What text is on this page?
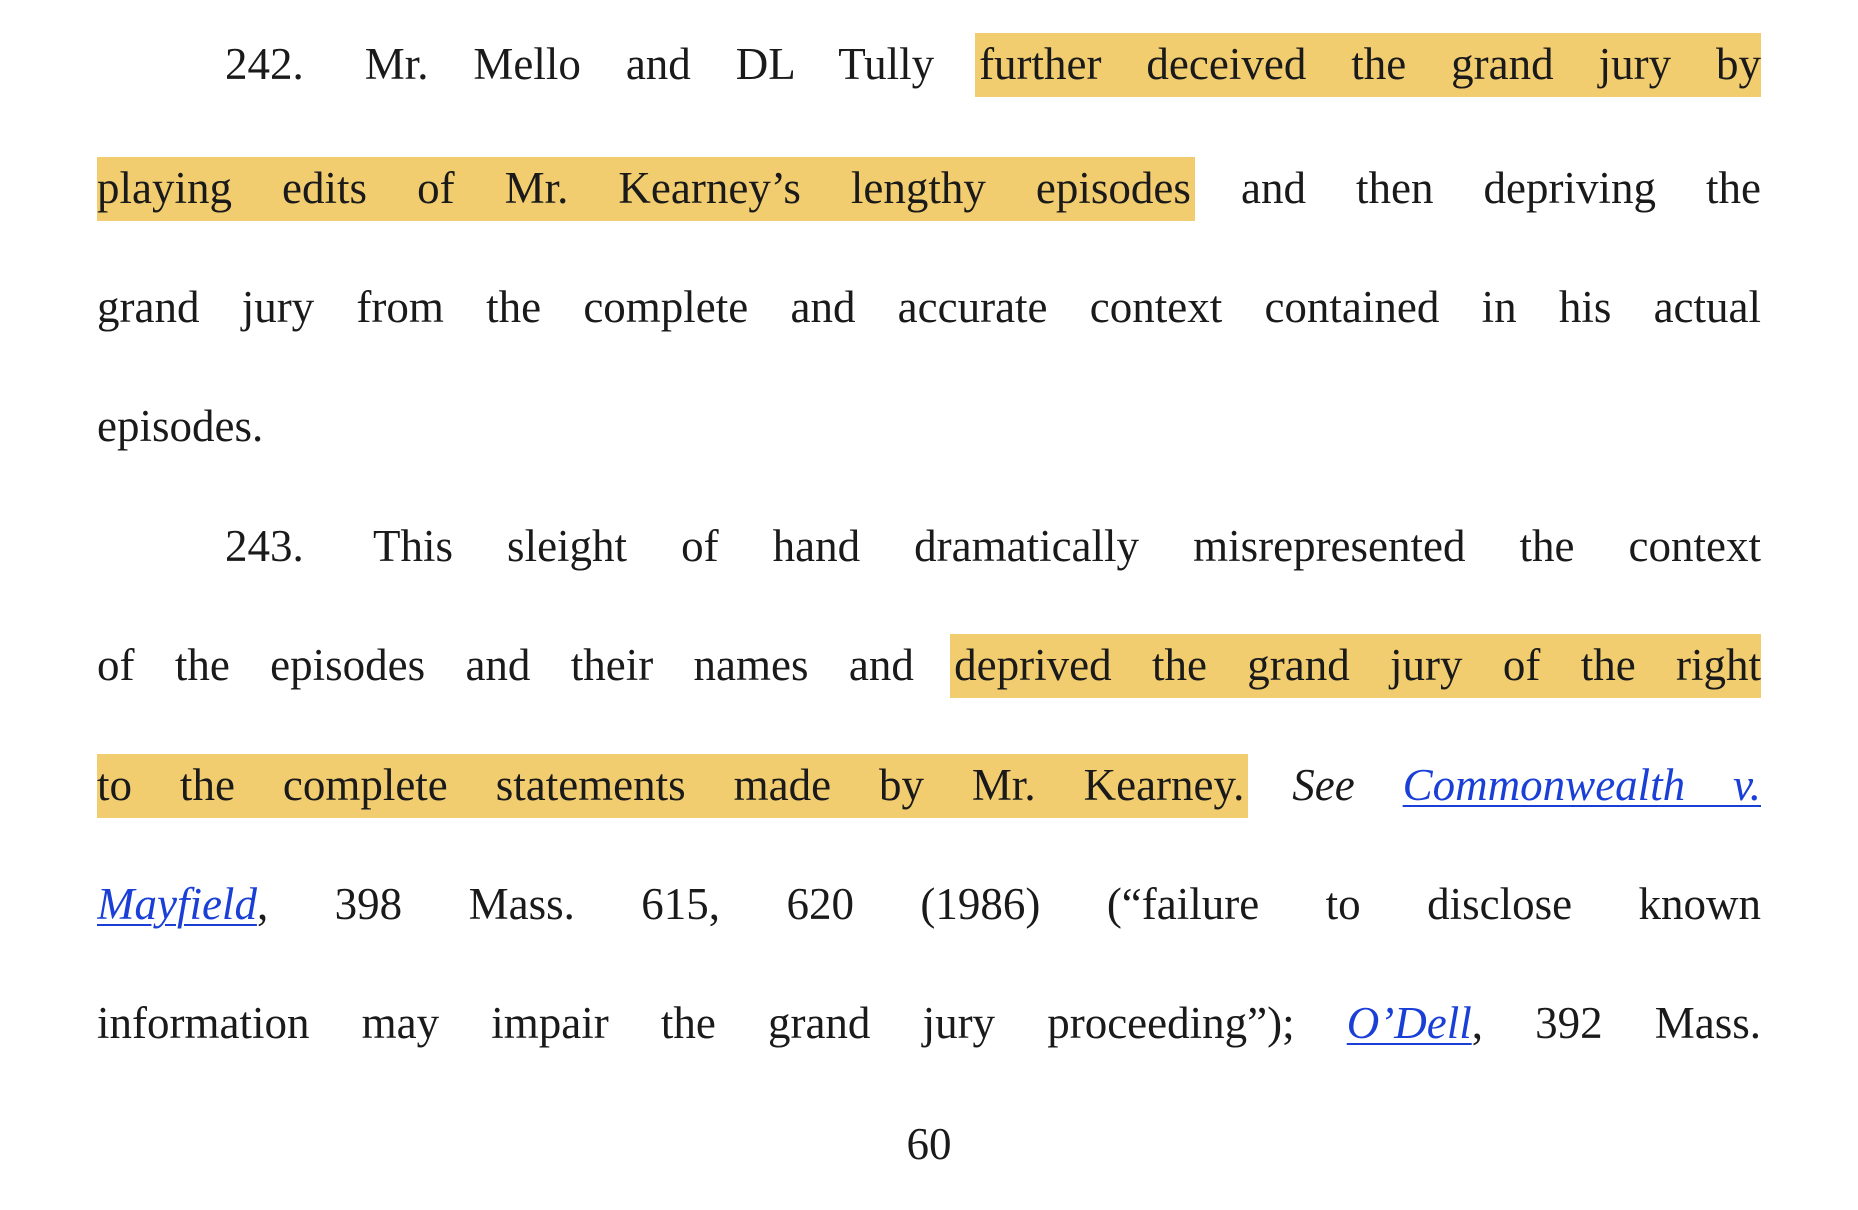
242. Mr. Mello and DL Tully further deceived the grand jury by
playing edits of Mr. Kearney’s lengthy episodes and then depriving the
grand jury from the complete and accurate context contained in his actual
episodes.
243. This sleight of hand dramatically misrepresented the context
of the episodes and their names and deprived the grand jury of the right
to the complete statements made by Mr. Kearney. See Commonwealth v.
Mayfield, 398 Mass. 615, 620 (1986) (“failure to disclose known
information may impair the grand jury proceeding”); O’Dell, 392 Mass.
60
